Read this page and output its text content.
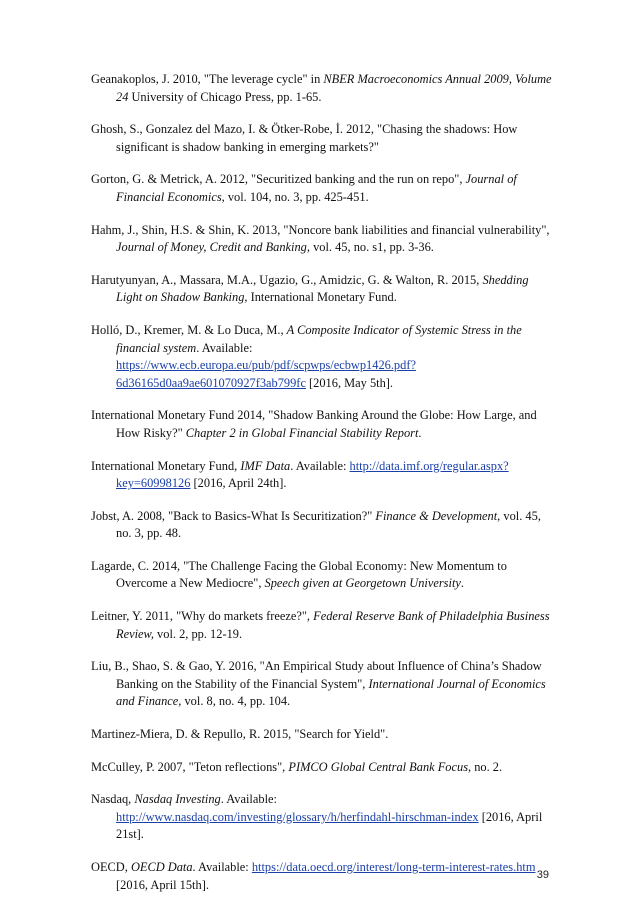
Geanakoplos, J. 2010, "The leverage cycle" in NBER Macroeconomics Annual 2009, Volume 24 University of Chicago Press, pp. 1-65.
Ghosh, S., Gonzalez del Mazo, I. & Ötker-Robe, İ. 2012, "Chasing the shadows: How significant is shadow banking in emerging markets?"
Gorton, G. & Metrick, A. 2012, "Securitized banking and the run on repo", Journal of Financial Economics, vol. 104, no. 3, pp. 425-451.
Hahm, J., Shin, H.S. & Shin, K. 2013, "Noncore bank liabilities and financial vulnerability", Journal of Money, Credit and Banking, vol. 45, no. s1, pp. 3-36.
Harutyunyan, A., Massara, M.A., Ugazio, G., Amidzic, G. & Walton, R. 2015, Shedding Light on Shadow Banking, International Monetary Fund.
Holló, D., Kremer, M. & Lo Duca, M., A Composite Indicator of Systemic Stress in the financial system. Available: https://www.ecb.europa.eu/pub/pdf/scpwps/ecbwp1426.pdf?6d36165d0aa9ae601070927f3ab799fc [2016, May 5th].
International Monetary Fund 2014, "Shadow Banking Around the Globe: How Large, and How Risky?" Chapter 2 in Global Financial Stability Report.
International Monetary Fund, IMF Data. Available: http://data.imf.org/regular.aspx?key=60998126 [2016, April 24th].
Jobst, A. 2008, "Back to Basics-What Is Securitization?" Finance & Development, vol. 45, no. 3, pp. 48.
Lagarde, C. 2014, "The Challenge Facing the Global Economy: New Momentum to Overcome a New Mediocre", Speech given at Georgetown University.
Leitner, Y. 2011, "Why do markets freeze?", Federal Reserve Bank of Philadelphia Business Review, vol. 2, pp. 12-19.
Liu, B., Shao, S. & Gao, Y. 2016, "An Empirical Study about Influence of China’s Shadow Banking on the Stability of the Financial System", International Journal of Economics and Finance, vol. 8, no. 4, pp. 104.
Martinez-Miera, D. & Repullo, R. 2015, "Search for Yield".
McCulley, P. 2007, "Teton reflections", PIMCO Global Central Bank Focus, no. 2.
Nasdaq, Nasdaq Investing. Available: http://www.nasdaq.com/investing/glossary/h/herfindahl-hirschman-index [2016, April 21st].
OECD, OECD Data. Available: https://data.oecd.org/interest/long-term-interest-rates.htm [2016, April 15th].
39
